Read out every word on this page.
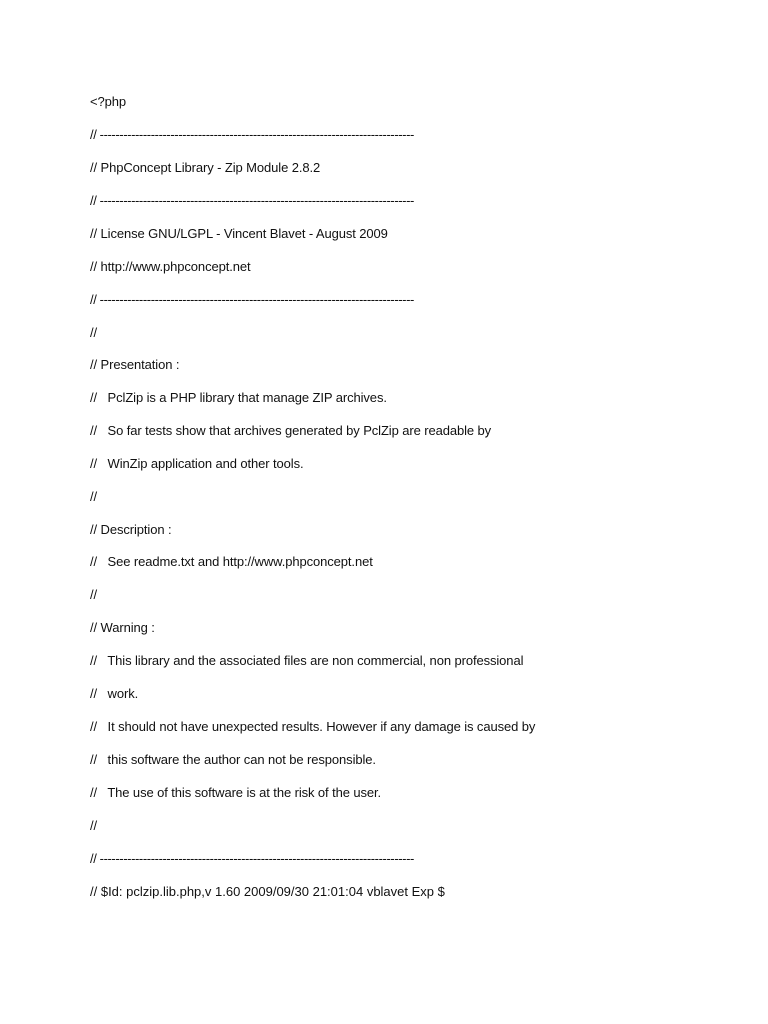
<?php
// --------------------------------------------------------------------------------
// PhpConcept Library - Zip Module 2.8.2
// --------------------------------------------------------------------------------
// License GNU/LGPL - Vincent Blavet - August 2009
// http://www.phpconcept.net
// --------------------------------------------------------------------------------
//
// Presentation :
//   PclZip is a PHP library that manage ZIP archives.
//   So far tests show that archives generated by PclZip are readable by
//   WinZip application and other tools.
//
// Description :
//   See readme.txt and http://www.phpconcept.net
//
// Warning :
//   This library and the associated files are non commercial, non professional
//   work.
//   It should not have unexpected results. However if any damage is caused by
//   this software the author can not be responsible.
//   The use of this software is at the risk of the user.
//
// --------------------------------------------------------------------------------
// $Id: pclzip.lib.php,v 1.60 2009/09/30 21:01:04 vblavet Exp $
